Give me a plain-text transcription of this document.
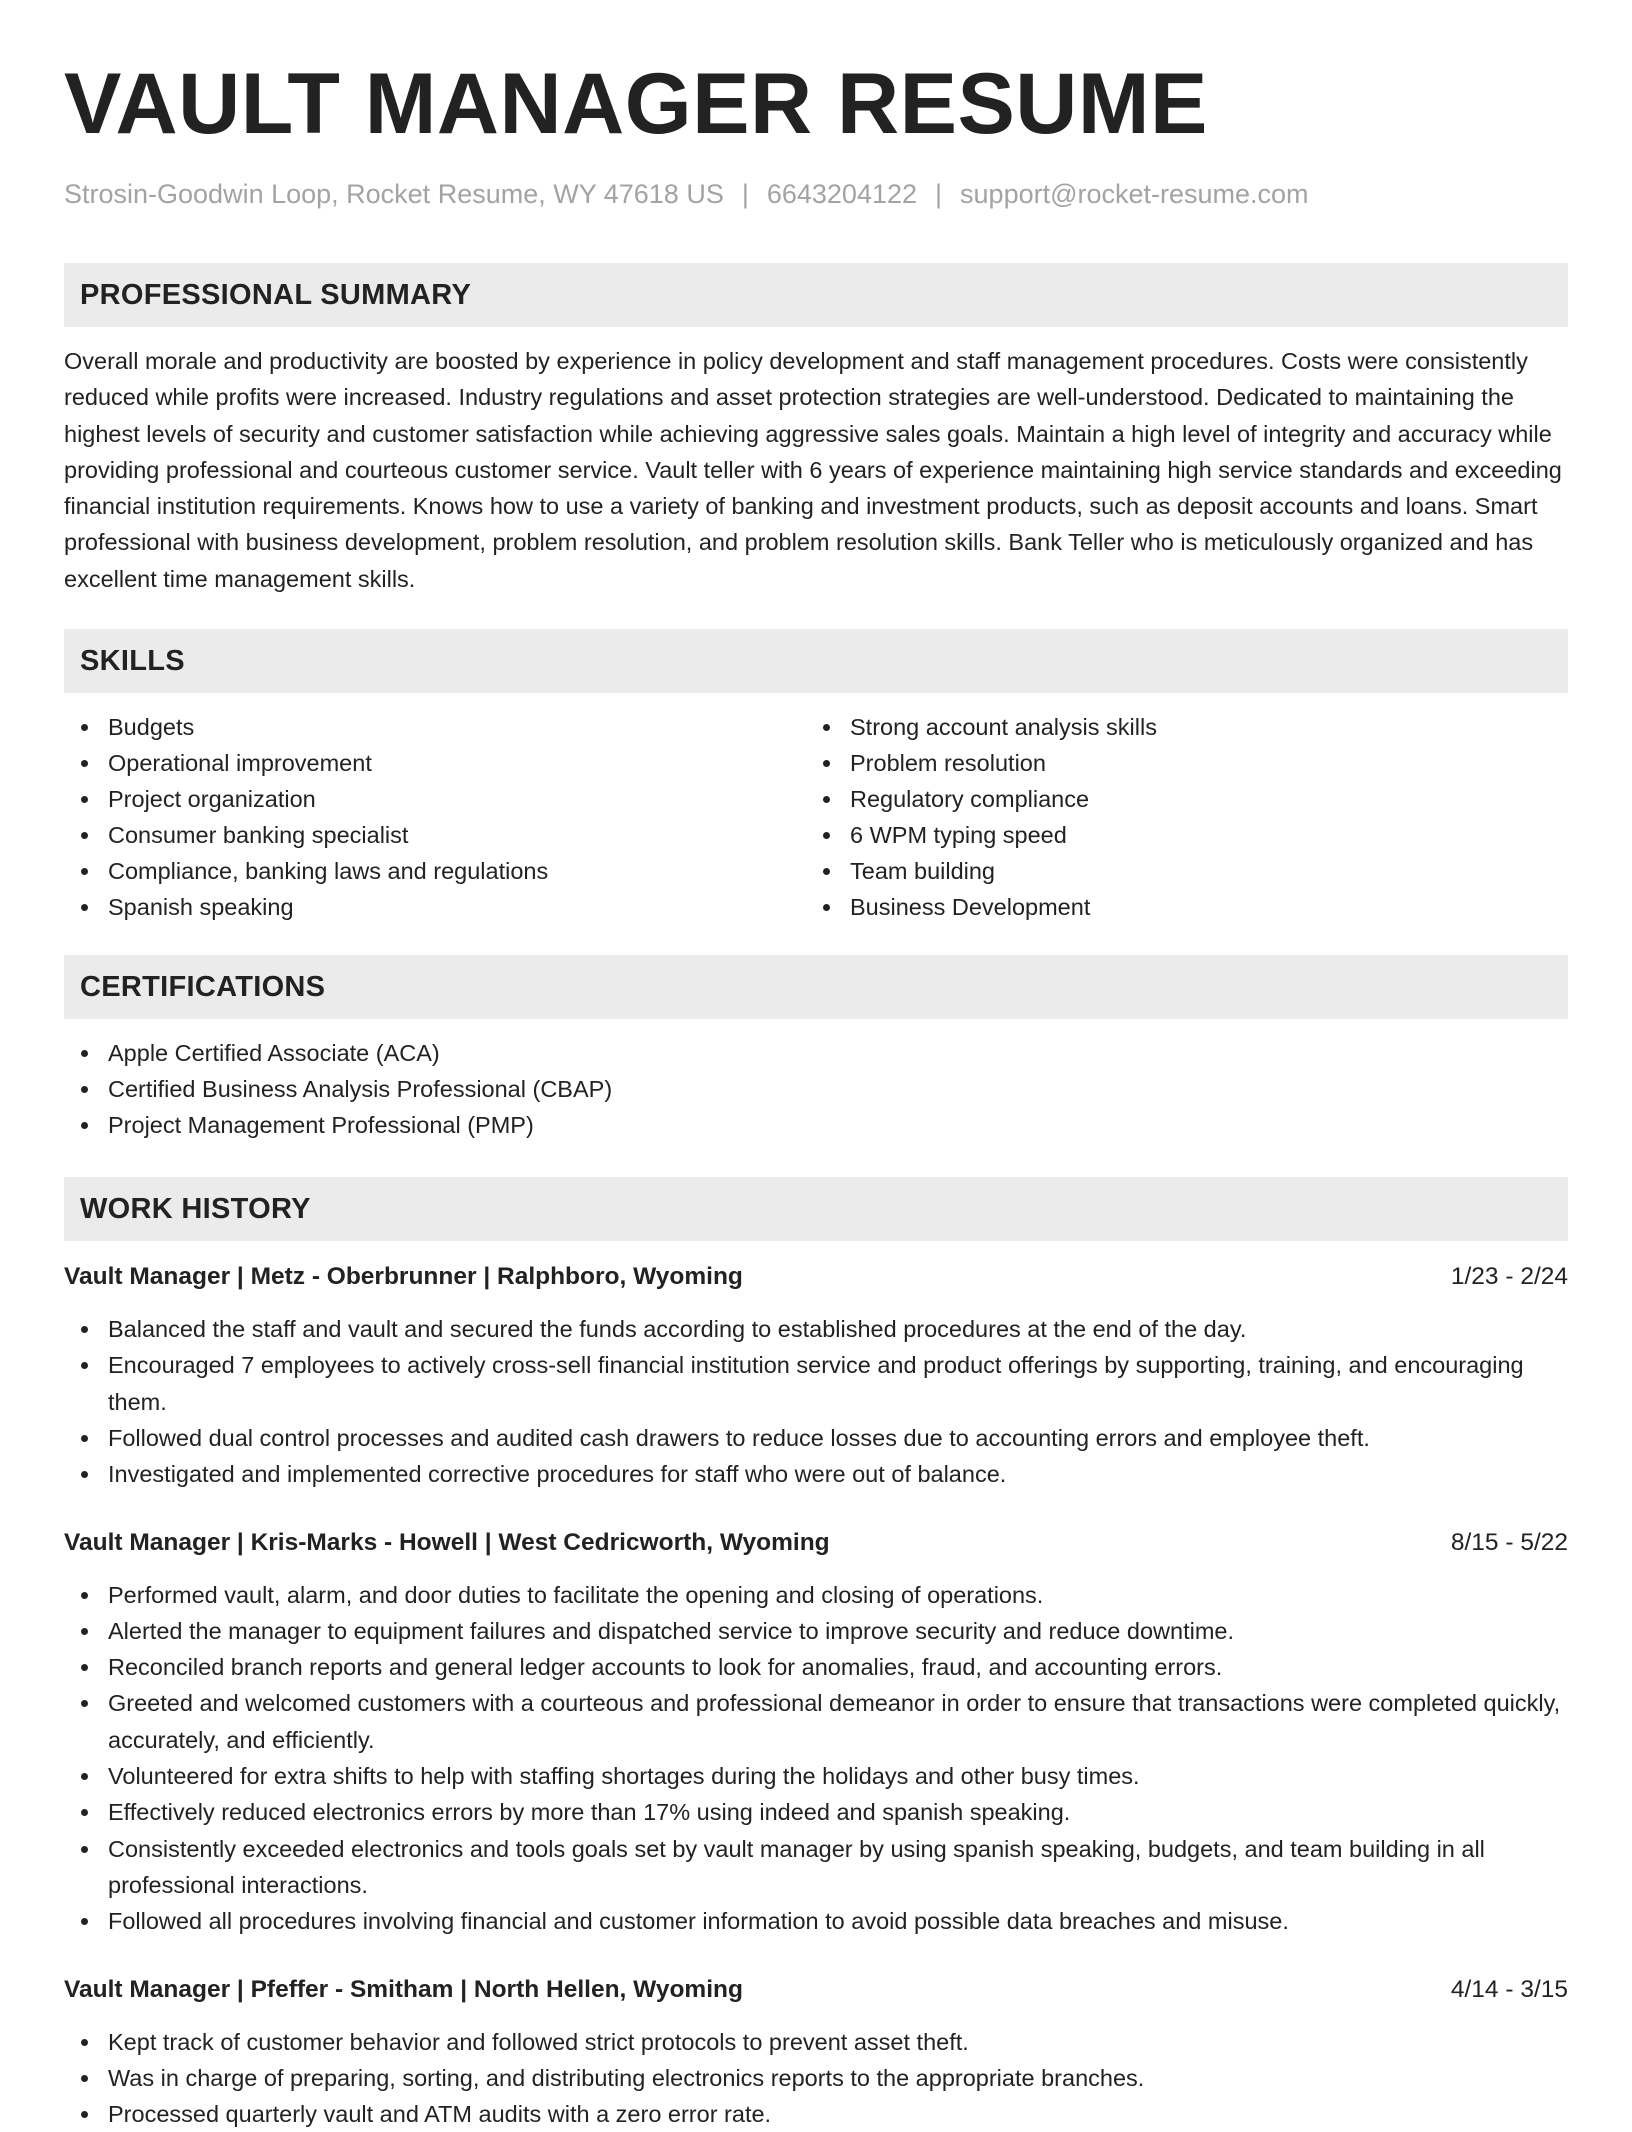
VAULT MANAGER RESUME
Strosin-Goodwin Loop, Rocket Resume, WY 47618 US | 6643204122 | support@rocket-resume.com
PROFESSIONAL SUMMARY
Overall morale and productivity are boosted by experience in policy development and staff management procedures. Costs were consistently reduced while profits were increased. Industry regulations and asset protection strategies are well-understood. Dedicated to maintaining the highest levels of security and customer satisfaction while achieving aggressive sales goals. Maintain a high level of integrity and accuracy while providing professional and courteous customer service. Vault teller with 6 years of experience maintaining high service standards and exceeding financial institution requirements. Knows how to use a variety of banking and investment products, such as deposit accounts and loans. Smart professional with business development, problem resolution, and problem resolution skills. Bank Teller who is meticulously organized and has excellent time management skills.
SKILLS
Budgets
Operational improvement
Project organization
Consumer banking specialist
Compliance, banking laws and regulations
Spanish speaking
Strong account analysis skills
Problem resolution
Regulatory compliance
6 WPM typing speed
Team building
Business Development
CERTIFICATIONS
Apple Certified Associate (ACA)
Certified Business Analysis Professional (CBAP)
Project Management Professional (PMP)
WORK HISTORY
Vault Manager | Metz - Oberbrunner | Ralphboro, Wyoming	1/23 - 2/24
Balanced the staff and vault and secured the funds according to established procedures at the end of the day.
Encouraged 7 employees to actively cross-sell financial institution service and product offerings by supporting, training, and encouraging them.
Followed dual control processes and audited cash drawers to reduce losses due to accounting errors and employee theft.
Investigated and implemented corrective procedures for staff who were out of balance.
Vault Manager | Kris-Marks - Howell | West Cedricworth, Wyoming	8/15 - 5/22
Performed vault, alarm, and door duties to facilitate the opening and closing of operations.
Alerted the manager to equipment failures and dispatched service to improve security and reduce downtime.
Reconciled branch reports and general ledger accounts to look for anomalies, fraud, and accounting errors.
Greeted and welcomed customers with a courteous and professional demeanor in order to ensure that transactions were completed quickly, accurately, and efficiently.
Volunteered for extra shifts to help with staffing shortages during the holidays and other busy times.
Effectively reduced electronics errors by more than 17% using indeed and spanish speaking.
Consistently exceeded electronics and tools goals set by vault manager by using spanish speaking, budgets, and team building in all professional interactions.
Followed all procedures involving financial and customer information to avoid possible data breaches and misuse.
Vault Manager | Pfeffer - Smitham | North Hellen, Wyoming	4/14 - 3/15
Kept track of customer behavior and followed strict protocols to prevent asset theft.
Was in charge of preparing, sorting, and distributing electronics reports to the appropriate branches.
Processed quarterly vault and ATM audits with a zero error rate.
